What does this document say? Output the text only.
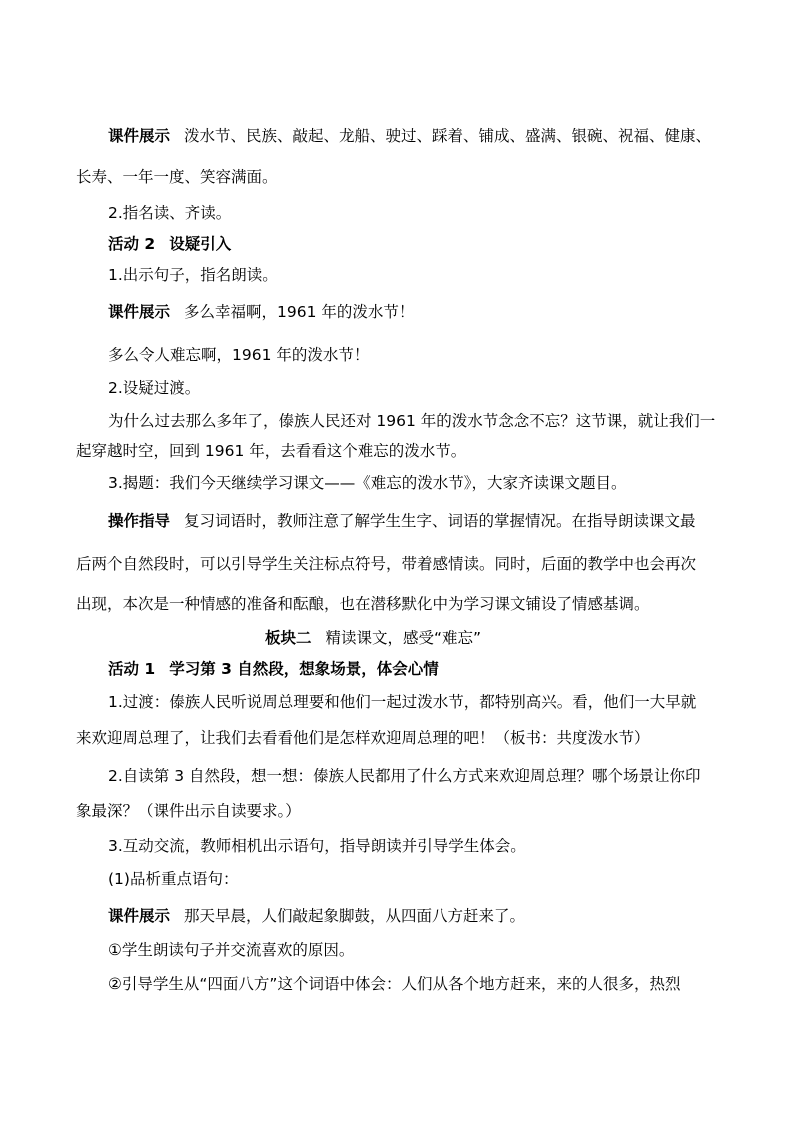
课件展示 泼水节、民族、敲起、龙船、驶过、踩着、铺成、盛满、银碗、祝福、健康、
长寿、一年一度、笑容满面。
2.指名读、齐读。
活动 2 设疑引入
1.出示句子，指名朗读。
课件展示 多么幸福啊，1961 年的泼水节！
多么令人难忘啊，1961 年的泼水节！
2.设疑过渡。
为什么过去那么多年了，傣族人民还对 1961 年的泼水节念念不忘？这节课，就让我们一
起穿越时空，回到 1961 年，去看看这个难忘的泼水节。
3.揭题：我们今天继续学习课文——《难忘的泼水节》，大家齐读课文题目。
操作指导 复习词语时，教师注意了解学生生字、词语的掌握情况。在指导朗读课文最
后两个自然段时，可以引导学生关注标点符号，带着感情读。同时，后面的教学中也会再次
出现，本次是一种情感的准备和酝酿，也在潜移默化中为学习课文铺设了情感基调。
板块二 精读课文，感受“难忘”
活动 1 学习第 3 自然段，想象场景，体会心情
1.过渡：傣族人民听说周总理要和他们一起过泼水节，都特别高兴。看，他们一大早就
来欢迎周总理了，让我们去看看他们是怎样欢迎周总理的吧！（板书：共度泼水节）
2.自读第 3 自然段，想一想：傣族人民都用了什么方式来欢迎周总理？哪个场景让你印
象最深？（课件出示自读要求。）
3.互动交流，教师相机出示语句，指导朗读并引导学生体会。
(1)品析重点语句：
课件展示 那天早晨，人们敲起象脚鼓，从四面八方赶来了。
①学生朗读句子并交流喜欢的原因。
②引导学生从“四面八方”这个词语中体会：人们从各个地方赶来，来的人很多，热烈
